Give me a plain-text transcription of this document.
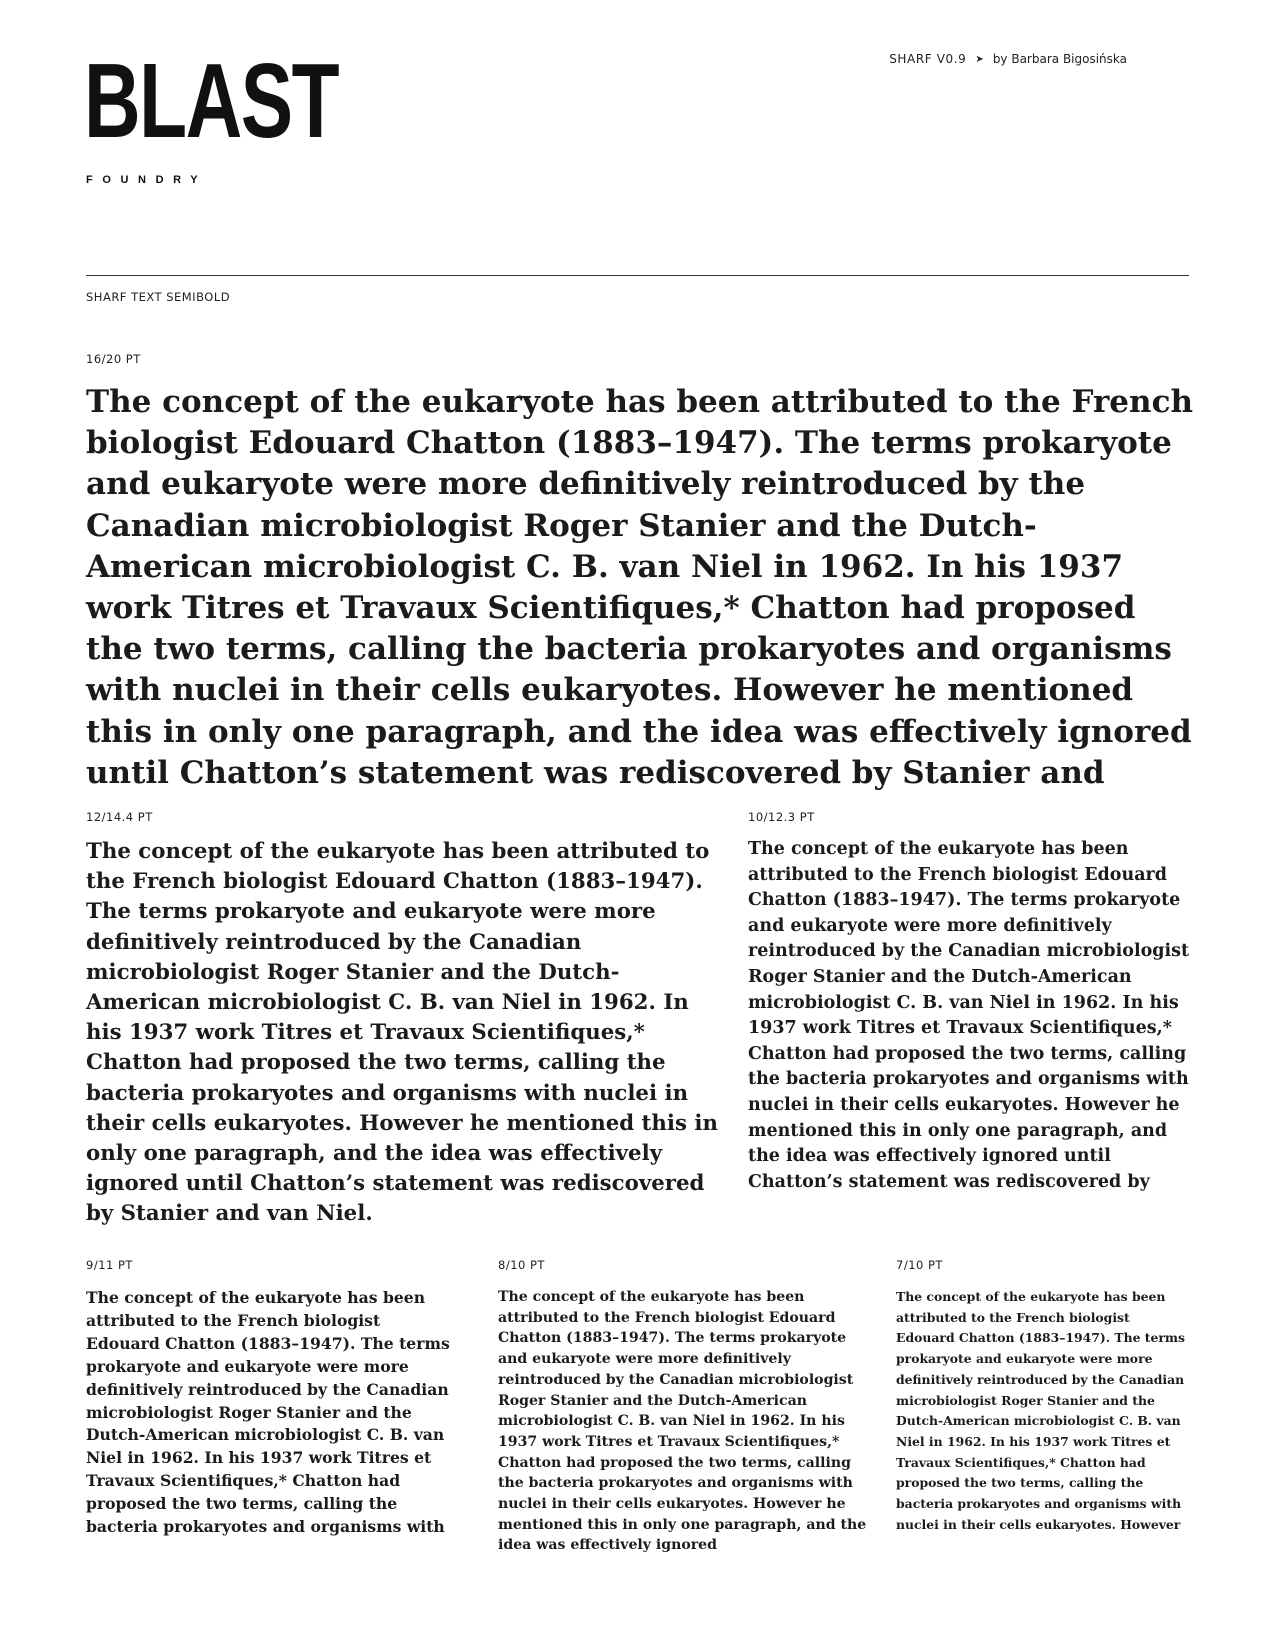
BLAST
FOUNDRY
SHARF V0.9 ➤ by Barbara Bigosińska
SHARF TEXT SEMIBOLD
16/20 PT

The concept of the eukaryote has been attributed to the French biologist Edouard Chatton (1883–1947). The terms prokaryote and eukaryote were more definitively reintroduced by the Canadian microbiologist Roger Stanier and the Dutch-American microbiologist C. B. van Niel in 1962. In his 1937 work Titres et Travaux Scientifiques,* Chatton had proposed the two terms, calling the bacteria prokaryotes and organisms with nuclei in their cells eukaryotes. However he mentioned this in only one paragraph, and the idea was effectively ignored until Chatton’s statement was rediscovered by Stanier and

12/14.4 PT

The concept of the eukaryote has been attributed to the French biologist Edouard Chatton (1883–1947). The terms prokaryote and eukaryote were more definitively reintroduced by the Canadian microbiologist Roger Stanier and the Dutch-American microbiologist C. B. van Niel in 1962. In his 1937 work Titres et Travaux Scientifiques,* Chatton had proposed the two terms, calling the bacteria prokaryotes and organisms with nuclei in their cells eukaryotes. However he mentioned this in only one paragraph, and the idea was effectively ignored until Chatton’s statement was rediscovered by Stanier and van Niel.

10/12.3 PT

The concept of the eukaryote has been attributed to the French biologist Edouard Chatton (1883–1947). The terms prokaryote and eukaryote were more definitively reintroduced by the Canadian microbiologist Roger Stanier and the Dutch-American microbiologist C. B. van Niel in 1962. In his 1937 work Titres et Travaux Scientifiques,* Chatton had proposed the two terms, calling the bacteria prokaryotes and organisms with nuclei in their cells eukaryotes. However he mentioned this in only one paragraph, and the idea was effectively ignored until Chatton’s statement was rediscovered by

9/11 PT

The concept of the eukaryote has been attributed to the French biologist Edouard Chatton (1883–1947). The terms prokaryote and eukaryote were more definitively reintroduced by the Canadian microbiologist Roger Stanier and the Dutch-American microbiologist C. B. van Niel in 1962. In his 1937 work Titres et Travaux Scientifiques,* Chatton had proposed the two terms, calling the bacteria prokaryotes and organisms with

8/10 PT

The concept of the eukaryote has been attributed to the French biologist Edouard Chatton (1883–1947). The terms prokaryote and eukaryote were more definitively reintroduced by the Canadian microbiologist Roger Stanier and the Dutch-American microbiologist C. B. van Niel in 1962. In his 1937 work Titres et Travaux Scientifiques,* Chatton had proposed the two terms, calling the bacteria prokaryotes and organisms with nuclei in their cells eukaryotes. However he mentioned this in only one paragraph, and the idea was effectively ignored

7/10 PT

The concept of the eukaryote has been attributed to the French biologist Edouard Chatton (1883–1947). The terms prokaryote and eukaryote were more definitively reintroduced by the Canadian microbiologist Roger Stanier and the Dutch-American microbiologist C. B. van Niel in 1962. In his 1937 work Titres et Travaux Scientifiques,* Chatton had proposed the two terms, calling the bacteria prokaryotes and organisms with nuclei in their cells eukaryotes. However
